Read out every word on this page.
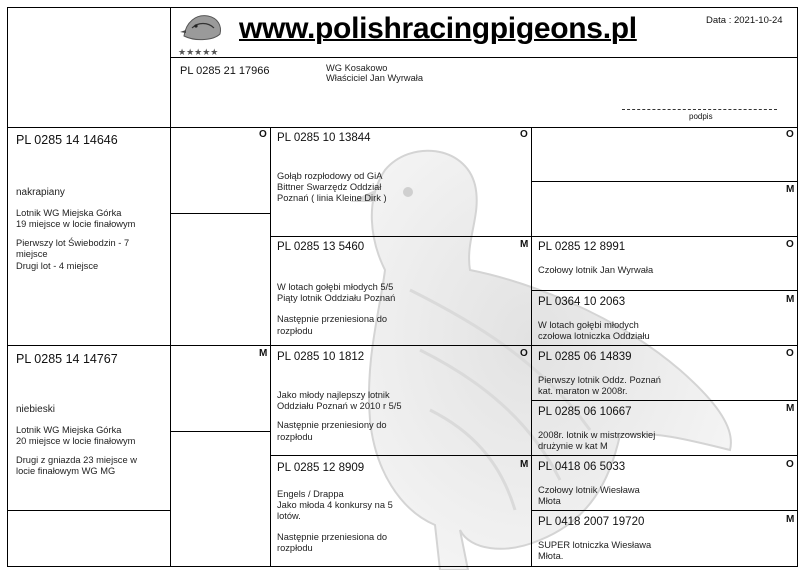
★★★★★
www.polishracingpigeons.pl	Data : 2021-10-24
PL 0285 21 17966	WG Kosakowo
Właściciel Jan Wyrwała
podpis
PL 0285 14 14646
nakrapiany
Lotnik WG Miejska Górka
19 miejsce w locie finałowym
Pierwszy lot Świebodzin - 7
miejsce
Drugi lot - 4 miejsce
O
PL 0285 14 14767
niebieski
Lotnik WG Miejska Górka
20 miejsce w locie finałowym
Drugi z gniazda 23 miejsce w
locie finałowym WG MG
M
PL 0285 10 13844
Gołąb rozpłodowy od GiA
Bittner Swarzędz Oddział
Poznań ( linia Kleine Dirk )
O
PL 0285 13 5460
W lotach gołębi młodych 5/5
Piąty lotnik Oddziału Poznań
Następnie przeniesiona do
rozpłodu
M
PL 0285 10 1812
Jako młody najlepszy lotnik
Oddziału Poznań w 2010 r 5/5
Następnie przeniesiony do
rozpłodu
O
PL 0285 12 8909
Engels / Drappa
Jako młoda 4 konkursy na 5
lotów.
Następnie przeniesiona do
rozpłodu
M
O
M
PL 0285 12 8991
Czołowy lotnik Jan Wyrwała
O
PL 0364 10 2063
W lotach gołębi młodych
czołowa lotniczka Oddziału
M
PL 0285 06 14839
Pierwszy lotnik Oddz. Poznań
kat. maraton w 2008r.
O
PL 0285 06 10667
2008r. lotnik w mistrzowskiej
drużynie w kat M
M
PL 0418 06 5033
Czołowy lotnik Wiesława
Młota
O
PL 0418 2007 19720
SUPER lotniczka Wiesława
Młota.
M
